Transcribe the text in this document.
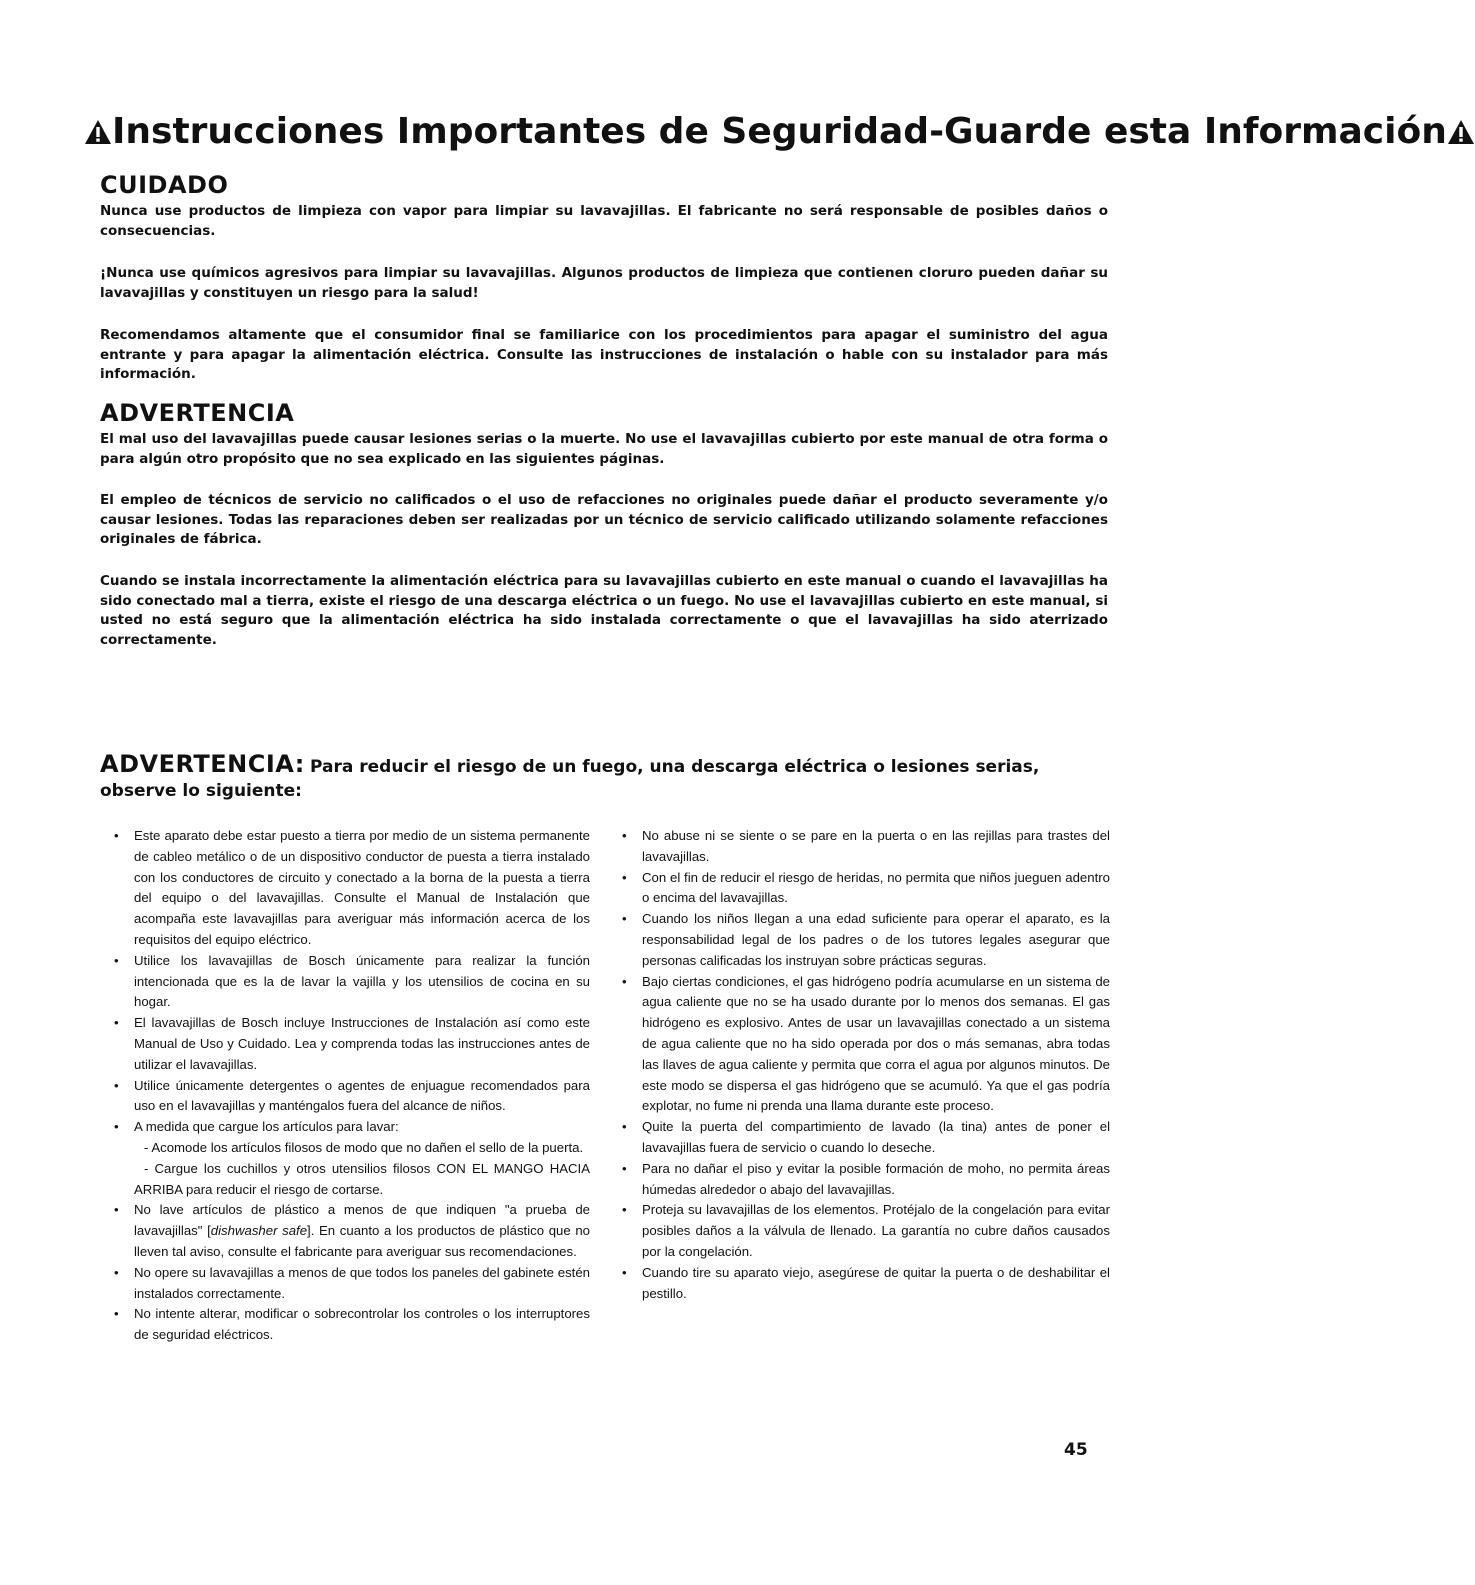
Instrucciones Importantes de Seguridad-Guarde esta Información
CUIDADO
Nunca use productos de limpieza con vapor para limpiar su lavavajillas. El fabricante no será responsable de posibles daños o consecuencias.
¡Nunca use químicos agresivos para limpiar su lavavajillas. Algunos productos de limpieza que contienen cloruro pueden dañar su lavavajillas y constituyen un riesgo para la salud!
Recomendamos altamente que el consumidor final se familiarice con los procedimientos para apagar el suministro del agua entrante y para apagar la alimentación eléctrica. Consulte las instrucciones de instalación o hable con su instalador para más información.
ADVERTENCIA
El mal uso del lavavajillas puede causar lesiones serias o la muerte. No use el lavavajillas cubierto por este manual de otra forma o para algún otro propósito que no sea explicado en las siguientes páginas.
El empleo de técnicos de servicio no calificados o el uso de refacciones no originales puede dañar el producto severamente y/o causar lesiones. Todas las reparaciones deben ser realizadas por un técnico de servicio calificado utilizando solamente refacciones originales de fábrica.
Cuando se instala incorrectamente la alimentación eléctrica para su lavavajillas cubierto en este manual o cuando el lavavajillas ha sido conectado mal a tierra, existe el riesgo de una descarga eléctrica o un fuego. No use el lavavajillas cubierto en este manual, si usted no está seguro que la alimentación eléctrica ha sido instalada correctamente o que el lavavajillas ha sido aterrizado correctamente.
ADVERTENCIA: Para reducir el riesgo de un fuego, una descarga eléctrica o lesiones serias, observe lo siguiente:
•	Este aparato debe estar puesto a tierra por medio de un sistema permanente de cableo metálico o de un dispositivo conductor de puesta a tierra instalado con los conductores de circuito y conectado a la borna de la puesta a tierra del equipo o del lavavajillas. Consulte el Manual de Instalación que acompaña este lavavajillas para averiguar más información acerca de los requisitos del equipo eléctrico.
•	Utilice los lavavajillas de Bosch únicamente para realizar la función intencionada que es la de lavar la vajilla y los utensilios de cocina en su hogar.
•	El lavavajillas de Bosch incluye Instrucciones de Instalación así como este Manual de Uso y Cuidado. Lea y comprenda todas las instrucciones antes de utilizar el lavavajillas.
•	Utilice únicamente detergentes o agentes de enjuague recomendados para uso en el lavavajillas y manténgalos fuera del alcance de niños.
•	A medida que cargue los artículos para lavar:
- Acomode los artículos filosos de modo que no dañen el sello de la puerta.
- Cargue los cuchillos y otros utensilios filosos CON EL MANGO HACIA ARRIBA para reducir el riesgo de cortarse.
•	No lave artículos de plástico a menos de que indiquen "a prueba de lavavajillas" [dishwasher safe]. En cuanto a los productos de plástico que no lleven tal aviso, consulte el fabricante para averiguar sus recomendaciones.
•	No opere su lavavajillas a menos de que todos los paneles del gabinete estén instalados correctamente.
•	No intente alterar, modificar o sobrecontrolar los controles o los interruptores de seguridad eléctricos.
•	No abuse ni se siente o se pare en la puerta o en las rejillas para trastes del lavavajillas.
•	Con el fin de reducir el riesgo de heridas, no permita que niños jueguen adentro o encima del lavavajillas.
•	Cuando los niños llegan a una edad suficiente para operar el aparato, es la responsabilidad legal de los padres o de los tutores legales asegurar que personas calificadas los instruyan sobre prácticas seguras.
•	Bajo ciertas condiciones, el gas hidrógeno podría acumularse en un sistema de agua caliente que no se ha usado durante por lo menos dos semanas. El gas hidrógeno es explosivo. Antes de usar un lavavajillas conectado a un sistema de agua caliente que no ha sido operada por dos o más semanas, abra todas las llaves de agua caliente y permita que corra el agua por algunos minutos. De este modo se dispersa el gas hidrógeno que se acumuló. Ya que el gas podría explotar, no fume ni prenda una llama durante este proceso.
•	Quite la puerta del compartimiento de lavado (la tina) antes de poner el lavavajillas fuera de servicio o cuando lo deseche.
•	Para no dañar el piso y evitar la posible formación de moho, no permita áreas húmedas alrededor o abajo del lavavajillas.
•	Proteja su lavavajillas de los elementos. Protéjalo de la congelación para evitar posibles daños a la válvula de llenado. La garantía no cubre daños causados por la congelación.
•	Cuando tire su aparato viejo, asegúrese de quitar la puerta o de deshabilitar el pestillo.
45
